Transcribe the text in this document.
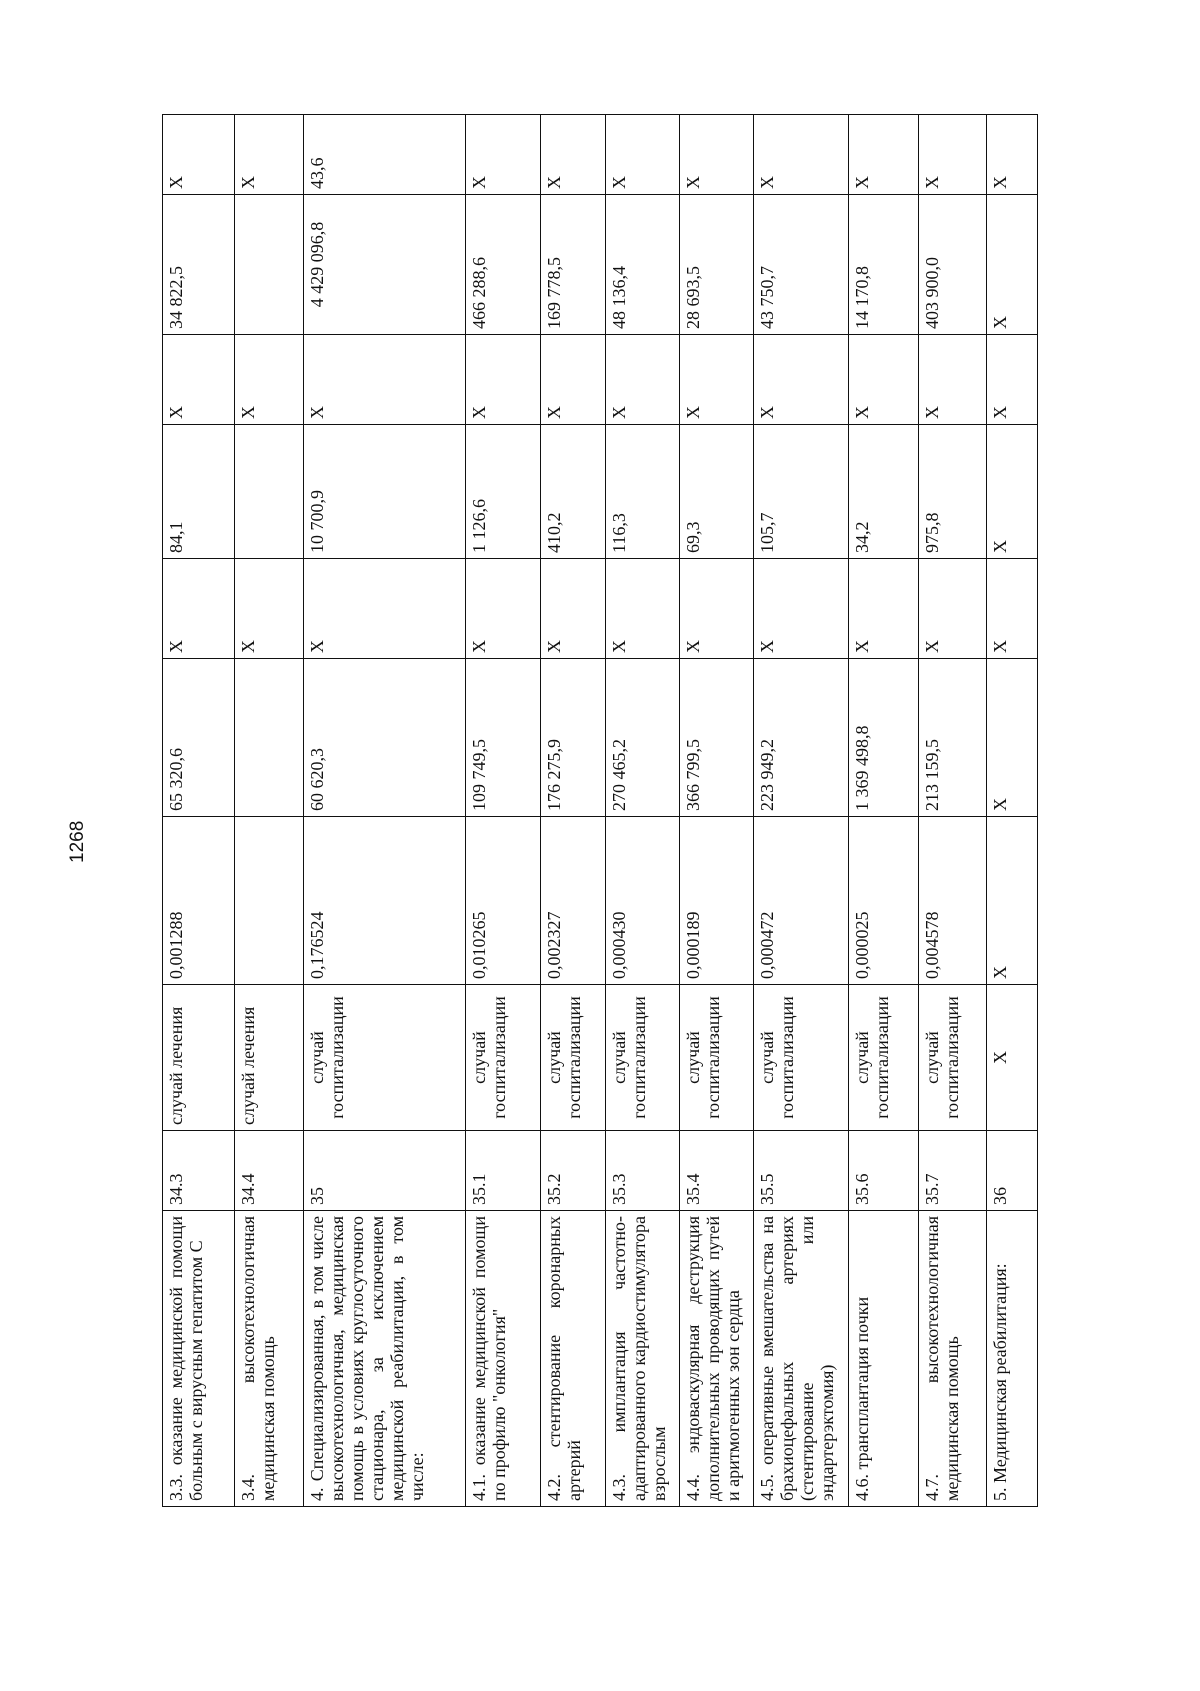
1268
3.3. оказание медицинской помощи больным с вирусным гепатитом С	34.3	случай лечения	0,001288	65 320,6	Х	84,1	Х	34 822,5	Х
3.4. высокотехнологичная медицинская помощь	34.4	случай лечения			Х		Х		Х
4. Специализированная, в том числе высокотехнологичная, медицинская помощь в условиях круглосуточного стационара, за исключением медицинской реабилитации, в том числе:	35	случай госпитализации	0,176524	60 620,3	Х	10 700,9	Х	4 429 096,8	43,6
4.1. оказание медицинской помощи по профилю "онкология"	35.1	случай госпитализации	0,010265	109 749,5	Х	1 126,6	Х	466 288,6	Х
4.2. стентирование коронарных артерий	35.2	случай госпитализации	0,002327	176 275,9	Х	410,2	Х	169 778,5	Х
4.3. имплантация частотно-адаптированного кардиостимулятора взрослым	35.3	случай госпитализации	0,000430	270 465,2	Х	116,3	Х	48 136,4	Х
4.4. эндоваскулярная деструкция дополнительных проводящих путей и аритмогенных зон сердца	35.4	случай госпитализации	0,000189	366 799,5	Х	69,3	Х	28 693,5	Х
4.5. оперативные вмешательства на брахиоцефальных артериях (стентирование или эндартерэктомия)	35.5	случай госпитализации	0,000472	223 949,2	Х	105,7	Х	43 750,7	Х
4.6. трансплантация почки	35.6	случай госпитализации	0,000025	1 369 498,8	Х	34,2	Х	14 170,8	Х
4.7. высокотехнологичная медицинская помощь	35.7	случай госпитализации	0,004578	213 159,5	Х	975,8	Х	403 900,0	Х
5. Медицинская реабилитация:	36	Х	Х	Х	Х	Х	Х	Х	Х
